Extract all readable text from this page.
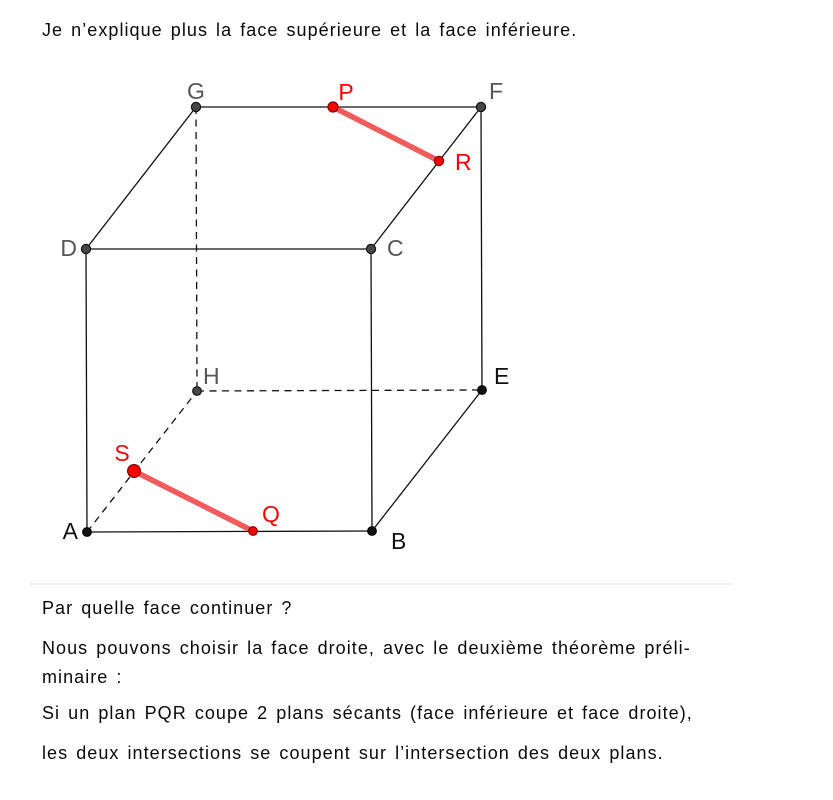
Je n’explique plus la face supérieure et la face inférieure.
A	B
C
D
E
F
G
H
P
Q
R
S
Par quelle face continuer ?
Nous pouvons choisir la face droite, avec le deuxième théorème préli-
minaire :
Si un plan PQR coupe 2 plans sécants (face inférieure et face droite),
les deux intersections se coupent sur l’intersection des deux plans.
